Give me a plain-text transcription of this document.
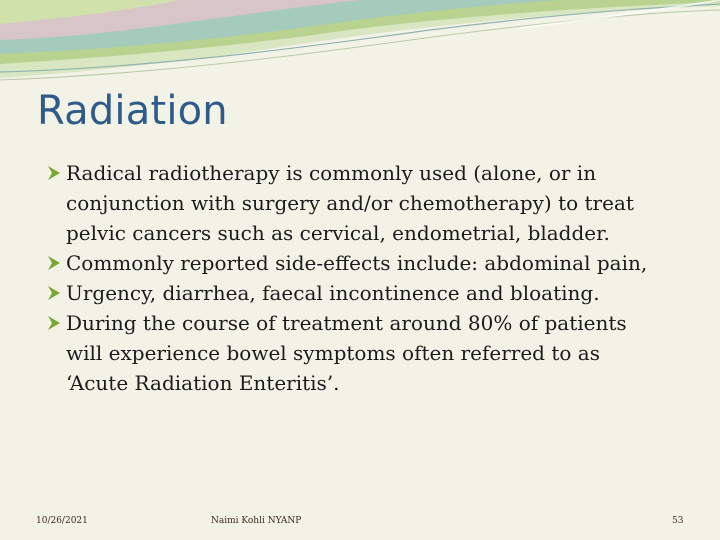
Radiation
Radical radiotherapy is commonly used (alone, or in conjunction with surgery and/or chemotherapy) to treat pelvic cancers such as cervical, endometrial, bladder.
Commonly reported side-effects include: abdominal pain,
Urgency, diarrhea, faecal incontinence and bloating.
During the course of treatment around 80% of patients will experience bowel symptoms often referred to as ‘Acute Radiation Enteritis’.
10/26/2021	Naimi Kohli NYANP	53
